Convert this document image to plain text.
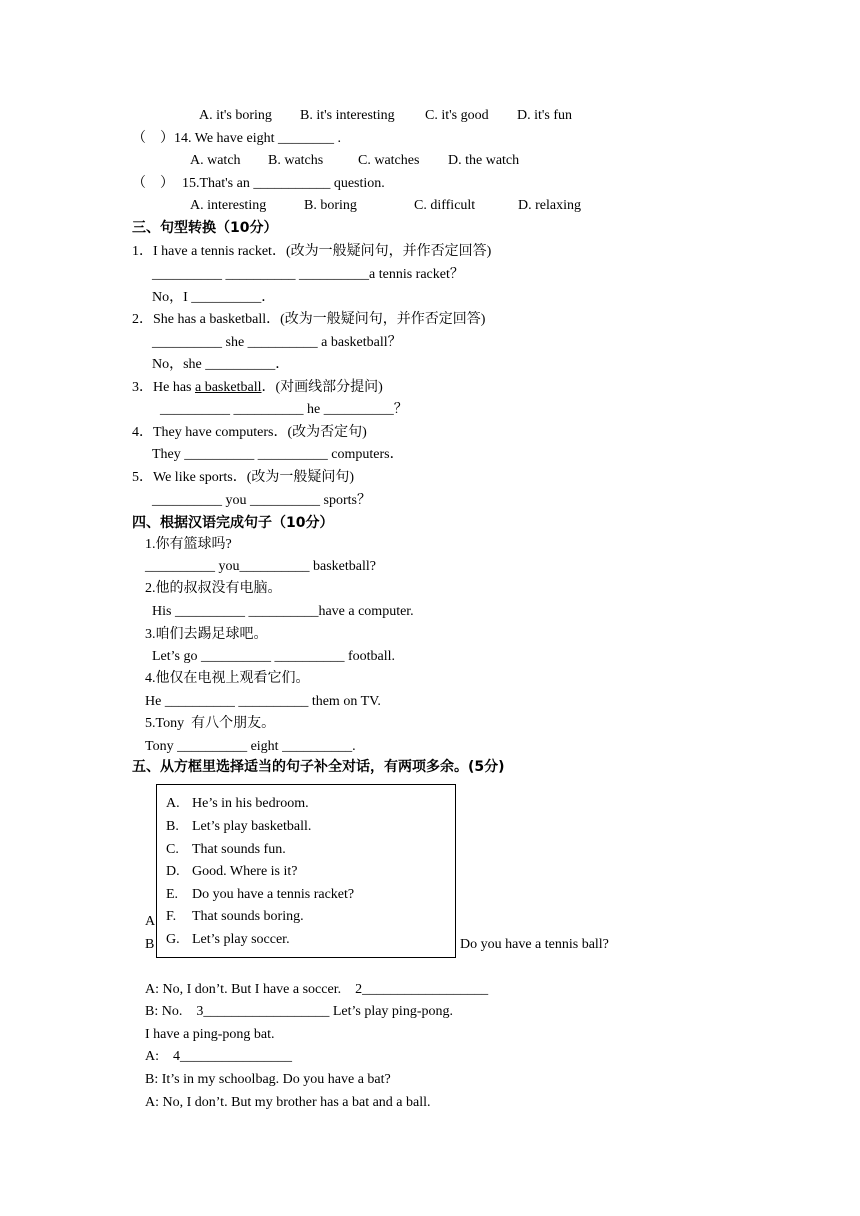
A. it's boring B. it's interesting C. it's good D. it's fun
（　） 14. We have eight ________ .
A. watch B. watchs C. watches D. the watch
（　） 15.That's an ___________ question.
A. interesting	B. boring	C. difficult	D. relaxing
三、句型转换（10分）
1．I have a tennis racket．(改为一般疑问句，并作否定回答)
__________ __________ __________a tennis racket？
No，I __________．
2．She has a basketball．(改为一般疑问句，并作否定回答)
__________ she __________ a basketball？
No，she __________．
3．He has a basketball．(对画线部分提问)
__________ __________ he __________？
4．They have computers．(改为否定句)
They __________ __________ computers．
5．We like sports．(改为一般疑问句)
__________ you __________ sports？
四、根据汉语完成句子（10分）
1.你有篮球吗?
__________ you__________ basketball?
2.他的叔叔没有电脑。
His __________ __________have a computer.
3.咱们去踢足球吧。
Let’s go __________ __________ football.
4.他仅在电视上观看它们。
He __________ __________ them on TV.
5.Tony  有八个朋友。
Tony __________ eight __________.
五、从方框里选择适当的句子补全对话，有两项多余。(5分)
A
B	Do you have a tennis ball?
A. He’s in his bedroom.
B. Let’s play basketball.
C. That sounds fun.
D. Good. Where is it?
E. Do you have a tennis racket?
F. That sounds boring.
G. Let’s play soccer.
A: No, I don’t. But I have a soccer.    2__________________
B: No.    3__________________ Let’s play ping-pong.
I have a ping-pong bat.
A:    4________________
B: It’s in my schoolbag. Do you have a bat?
A: No, I don’t. But my brother has a bat and a ball.
